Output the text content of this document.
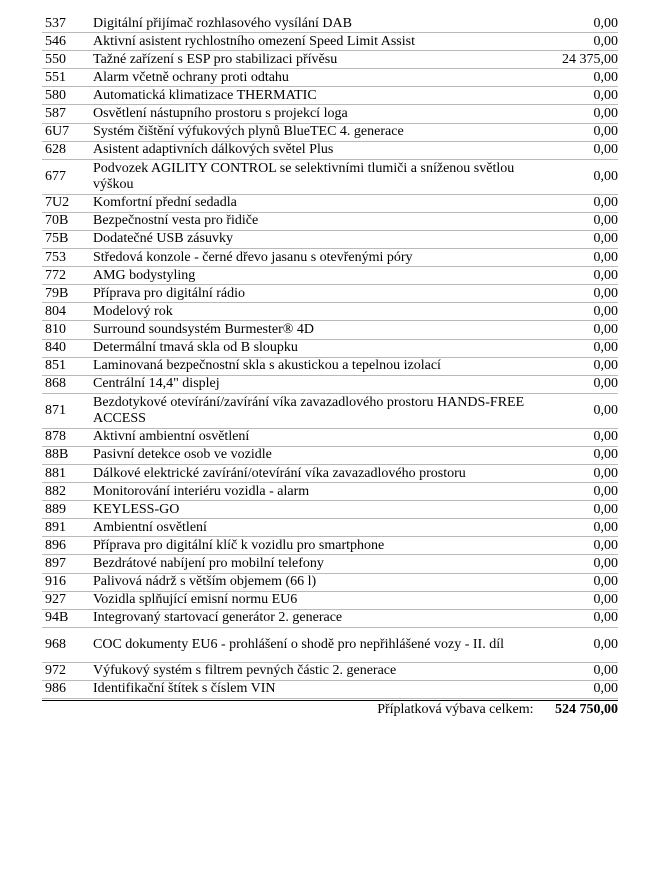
537	Digitální přijímač rozhlasového vysílání DAB	0,00
546	Aktivní asistent rychlostního omezení Speed Limit Assist	0,00
550	Tažné zařízení s ESP pro stabilizaci přívěsu	24 375,00
551	Alarm včetně ochrany proti odtahu	0,00
580	Automatická klimatizace THERMATIC	0,00
587	Osvětlení nástupního prostoru s projekcí loga	0,00
6U7	Systém čištění výfukových plynů BlueTEC 4. generace	0,00
628	Asistent adaptivních dálkových světel Plus	0,00
677	Podvozek AGILITY CONTROL se selektivními tlumiči a sníženou světlou výškou	0,00
7U2	Komfortní přední sedadla	0,00
70B	Bezpečnostní vesta pro řidiče	0,00
75B	Dodatečné USB zásuvky	0,00
753	Středová konzole - černé dřevo jasanu s otevřenými póry	0,00
772	AMG bodystyling	0,00
79B	Příprava pro digitální rádio	0,00
804	Modelový rok	0,00
810	Surround soundsystém Burmester® 4D	0,00
840	Determální tmavá skla od B sloupku	0,00
851	Laminovaná bezpečnostní skla s akustickou a tepelnou izolací	0,00
868	Centrální 14,4" displej	0,00
871	Bezdotykové otevírání/zavírání víka zavazadlového prostoru HANDS-FREE ACCESS	0,00
878	Aktivní ambientní osvětlení	0,00
88B	Pasivní detekce osob ve vozidle	0,00
881	Dálkové elektrické zavírání/otevírání víka zavazadlového prostoru	0,00
882	Monitorování interiéru vozidla - alarm	0,00
889	KEYLESS-GO	0,00
891	Ambientní osvětlení	0,00
896	Příprava pro digitální klíč k vozidlu pro smartphone	0,00
897	Bezdrátové nabíjení pro mobilní telefony	0,00
916	Palivová nádrž s větším objemem (66 l)	0,00
927	Vozidla splňující emisní normu EU6	0,00
94B	Integrovaný startovací generátor 2. generace	0,00
968	COC dokumenty EU6 - prohlášení o shodě pro nepřihlášené vozy - II. díl	0,00
972	Výfukový systém s filtrem pevných částic 2. generace	0,00
986	Identifikační štítek s číslem VIN	0,00
Příplatková výbava celkem: 524 750,00
